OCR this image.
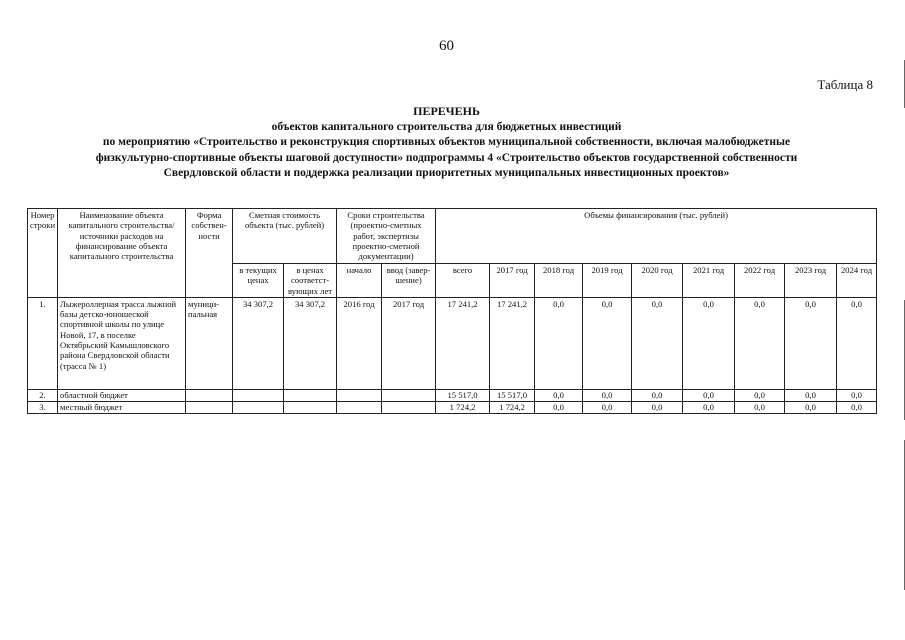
60
Таблица 8
ПЕРЕЧЕНЬ
объектов капитального строительства для бюджетных инвестиций
по мероприятию «Строительство и реконструкция спортивных объектов муниципальной собственности, включая малобюджетные
физкультурно-спортивные объекты шаговой доступности» подпрограммы 4 «Строительство объектов государственной собственности
Свердловской области и поддержка реализации приоритетных муниципальных инвестиционных проектов»
Номер строки	Наименование объекта капитального строительства/ источники расходов на финансирование объекта капитального строительства	Форма собствен-ности	Сметная стоимость объекта (тыс. рублей)		Сроки строительства (проектно-сметных работ, экспертизы проектно-сметной документации)		Объемы финансирования (тыс. рублей)								
			в текущих ценах	в ценах соответст-вующих лет	начало	ввод (завер-шение)	всего	2017 год	2018 год	2019 год	2020 год	2021 год	2022 год	2023 год	2024 год
1.	Лыжероллерная трасса лыжной базы детско-юношеской спортивной школы по улице Новой, 17, в поселке Октябрьский Камышловского района Свердловской области (трасса № 1)	муници-пальная	34 307,2	34 307,2	2016 год	2017 год	17 241,2	17 241,2	0,0	0,0	0,0	0,0	0,0	0,0	0,0
2.	областной бюджет						15 517,0	15 517,0	0,0	0,0	0,0	0,0	0,0	0,0	0,0
3.	местный бюджет						1 724,2	1 724,2	0,0	0,0	0,0	0,0	0,0	0,0	0,0
